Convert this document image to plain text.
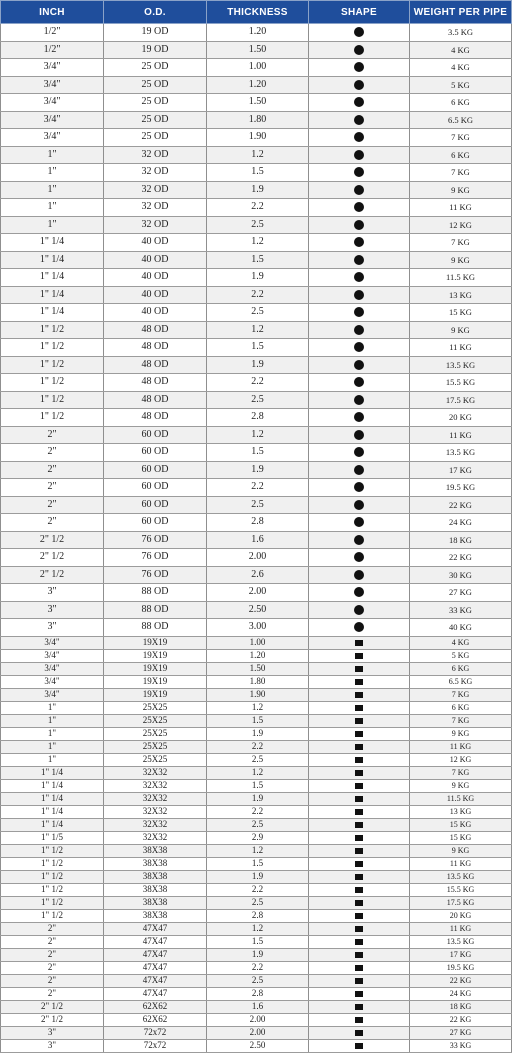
INCH	O.D.	THICKNESS	SHAPE	WEIGHT PER PIPE
1/2"	19 OD	1.20		3.5 KG
1/2"	19 OD	1.50		4 KG
3/4"	25 OD	1.00		4 KG
3/4"	25 OD	1.20		5 KG
3/4"	25 OD	1.50		6 KG
3/4"	25 OD	1.80		6.5 KG
3/4"	25 OD	1.90		7 KG
1"	32 OD	1.2		6 KG
1"	32 OD	1.5		7 KG
1"	32 OD	1.9		9 KG
1"	32 OD	2.2		11 KG
1"	32 OD	2.5		12 KG
1" 1/4	40 OD	1.2		7 KG
1" 1/4	40 OD	1.5		9 KG
1" 1/4	40 OD	1.9		11.5 KG
1" 1/4	40 OD	2.2		13 KG
1" 1/4	40 OD	2.5		15 KG
1" 1/2	48 OD	1.2		9 KG
1" 1/2	48 OD	1.5		11 KG
1" 1/2	48 OD	1.9		13.5 KG
1" 1/2	48 OD	2.2		15.5 KG
1" 1/2	48 OD	2.5		17.5 KG
1" 1/2	48 OD	2.8		20 KG
2"	60 OD	1.2		11 KG
2"	60 OD	1.5		13.5 KG
2"	60 OD	1.9		17 KG
2"	60 OD	2.2		19.5 KG
2"	60 OD	2.5		22 KG
2"	60 OD	2.8		24 KG
2" 1/2	76 OD	1.6		18 KG
2" 1/2	76 OD	2.00		22 KG
2" 1/2	76 OD	2.6		30 KG
3"	88 OD	2.00		27 KG
3"	88 OD	2.50		33 KG
3"	88 OD	3.00		40 KG
3/4"	19X19	1.00		4 KG
3/4"	19X19	1.20		5 KG
3/4"	19X19	1.50		6 KG
3/4"	19X19	1.80		6.5 KG
3/4"	19X19	1.90		7 KG
1"	25X25	1.2		6 KG
1"	25X25	1.5		7 KG
1"	25X25	1.9		9 KG
1"	25X25	2.2		11 KG
1"	25X25	2.5		12 KG
1" 1/4	32X32	1.2		7 KG
1" 1/4	32X32	1.5		9 KG
1" 1/4	32X32	1.9		11.5 KG
1" 1/4	32X32	2.2		13 KG
1" 1/4	32X32	2.5		15 KG
1" 1/5	32X32	2.9		15 KG
1" 1/2	38X38	1.2		9 KG
1" 1/2	38X38	1.5		11 KG
1" 1/2	38X38	1.9		13.5 KG
1" 1/2	38X38	2.2		15.5 KG
1" 1/2	38X38	2.5		17.5 KG
1" 1/2	38X38	2.8		20 KG
2"	47X47	1.2		11 KG
2"	47X47	1.5		13.5 KG
2"	47X47	1.9		17 KG
2"	47X47	2.2		19.5 KG
2"	47X47	2.5		22 KG
2"	47X47	2.8		24 KG
2" 1/2	62X62	1.6		18 KG
2" 1/2	62X62	2.00		22 KG
3"	72x72	2.00		27 KG
3"	72x72	2.50		33 KG
